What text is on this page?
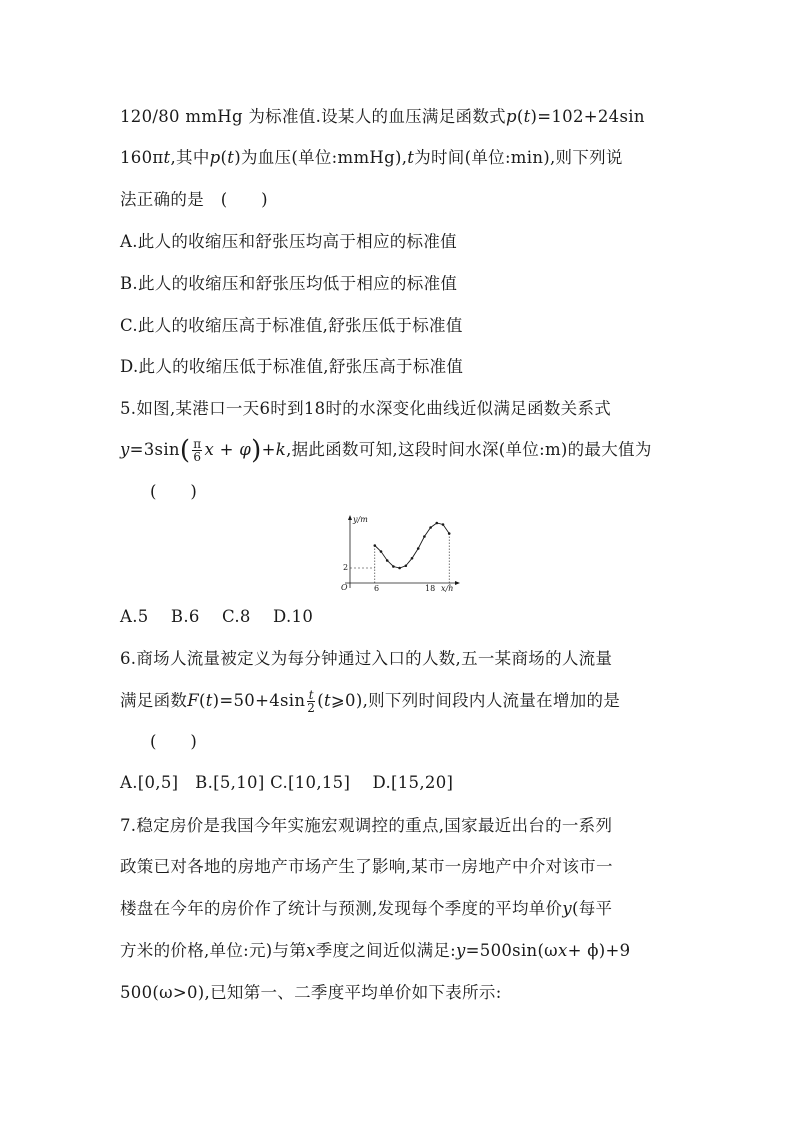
120/80 mmHg 为标准值.设某人的血压满足函数式p(t)=102+24sin
160πt,其中p(t)为血压(单位:mmHg),t为时间(单位:min),则下列说
法正确的是　(　　)
A.此人的收缩压和舒张压均高于相应的标准值
B.此人的收缩压和舒张压均低于相应的标准值
C.此人的收缩压高于标准值,舒张压低于标准值
D.此人的收缩压低于标准值,舒张压高于标准值
5.如图,某港口一天6时到18时的水深变化曲线近似满足函数关系式
$y=3\sin( \frac{\pi}{6}$ x + φ)+k,据此函数可知,这段时间水深(单位:m)的最大值为
(　　)
y/m
x/h
O
2
6	18
A.5　 B.6　 C.8　 D.10
6.商场人流量被定义为每分钟通过入口的人数,五一某商场的人流量
满足函数$F(t)=50+4\sin \frac{t}{2}$ (t⩾0),则下列时间段内人流量在增加的是
(　　)
A.[0,5]　B.[5,10] C.[10,15]　 D.[15,20]
7.稳定房价是我国今年实施宏观调控的重点,国家最近出台的一系列
政策已对各地的房地产市场产生了影响,某市一房地产中介对该市一
楼盘在今年的房价作了统计与预测,发现每个季度的平均单价y(每平
方米的价格,单位:元)与第x季度之间近似满足:y=500sin(ωx+ ϕ)+9
500(ω>0),已知第一、二季度平均单价如下表所示:
